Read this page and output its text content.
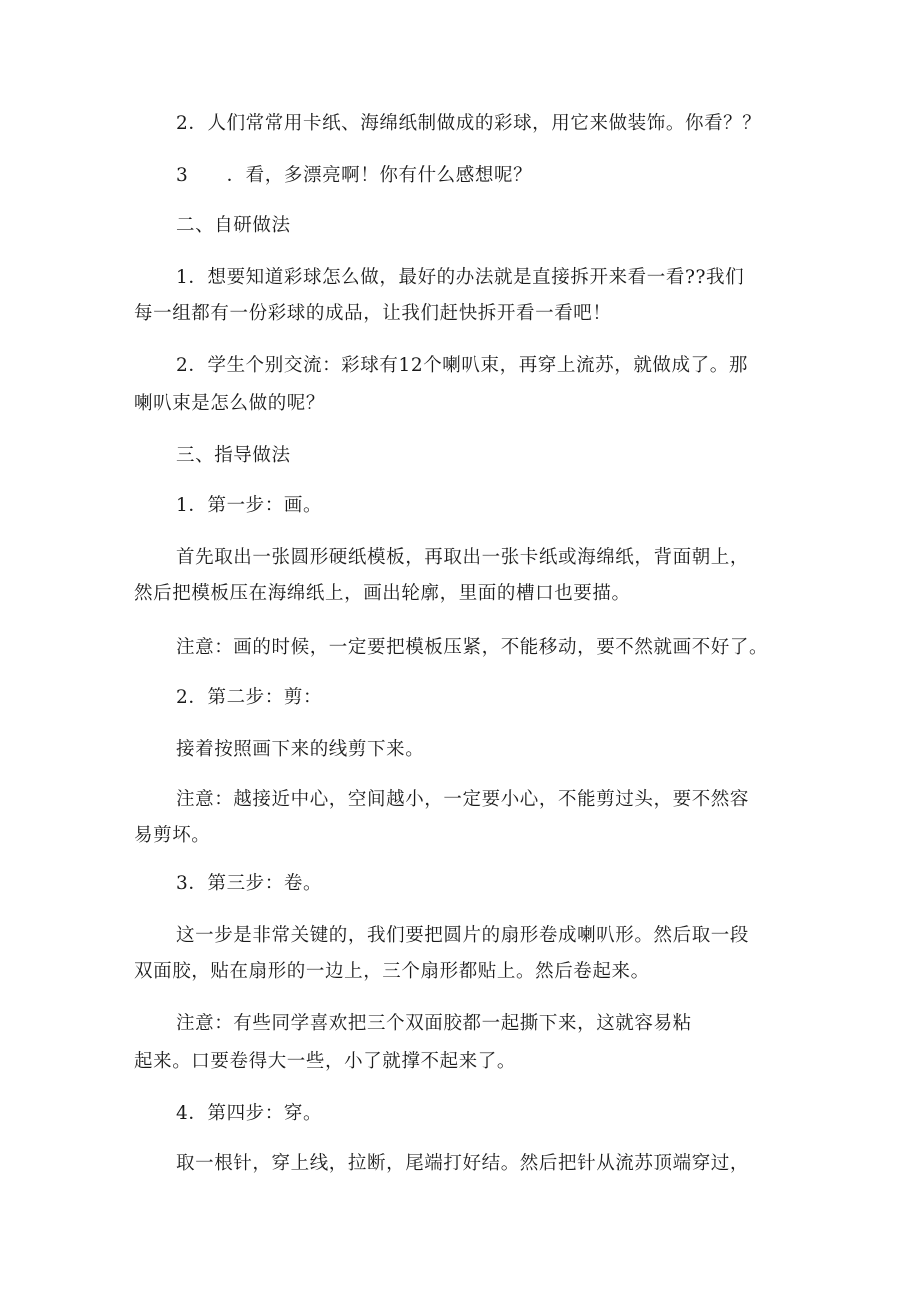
2．人们常常用卡纸、海绵纸制做成的彩球，用它来做装饰。你看？？
3　　．看，多漂亮啊！你有什么感想呢？
二、自研做法
1．想要知道彩球怎么做，最好的办法就是直接拆开来看一看??我们
每一组都有一份彩球的成品，让我们赶快拆开看一看吧！
2．学生个别交流：彩球有12个喇叭束，再穿上流苏，就做成了。那
喇叭束是怎么做的呢？
三、指导做法
1．第一步：画。
首先取出一张圆形硬纸模板，再取出一张卡纸或海绵纸，背面朝上，
然后把模板压在海绵纸上，画出轮廓，里面的槽口也要描。
注意：画的时候，一定要把模板压紧，不能移动，要不然就画不好了。
2．第二步：剪：
接着按照画下来的线剪下来。
注意：越接近中心，空间越小，一定要小心，不能剪过头，要不然容
易剪坏。
3．第三步：卷。
这一步是非常关键的，我们要把圆片的扇形卷成喇叭形。然后取一段
双面胶，贴在扇形的一边上，三个扇形都贴上。然后卷起来。
注意：有些同学喜欢把三个双面胶都一起撕下来，这就容易粘
起来。口要卷得大一些，小了就撑不起来了。
4．第四步：穿。
取一根针，穿上线，拉断，尾端打好结。然后把针从流苏顶端穿过，
